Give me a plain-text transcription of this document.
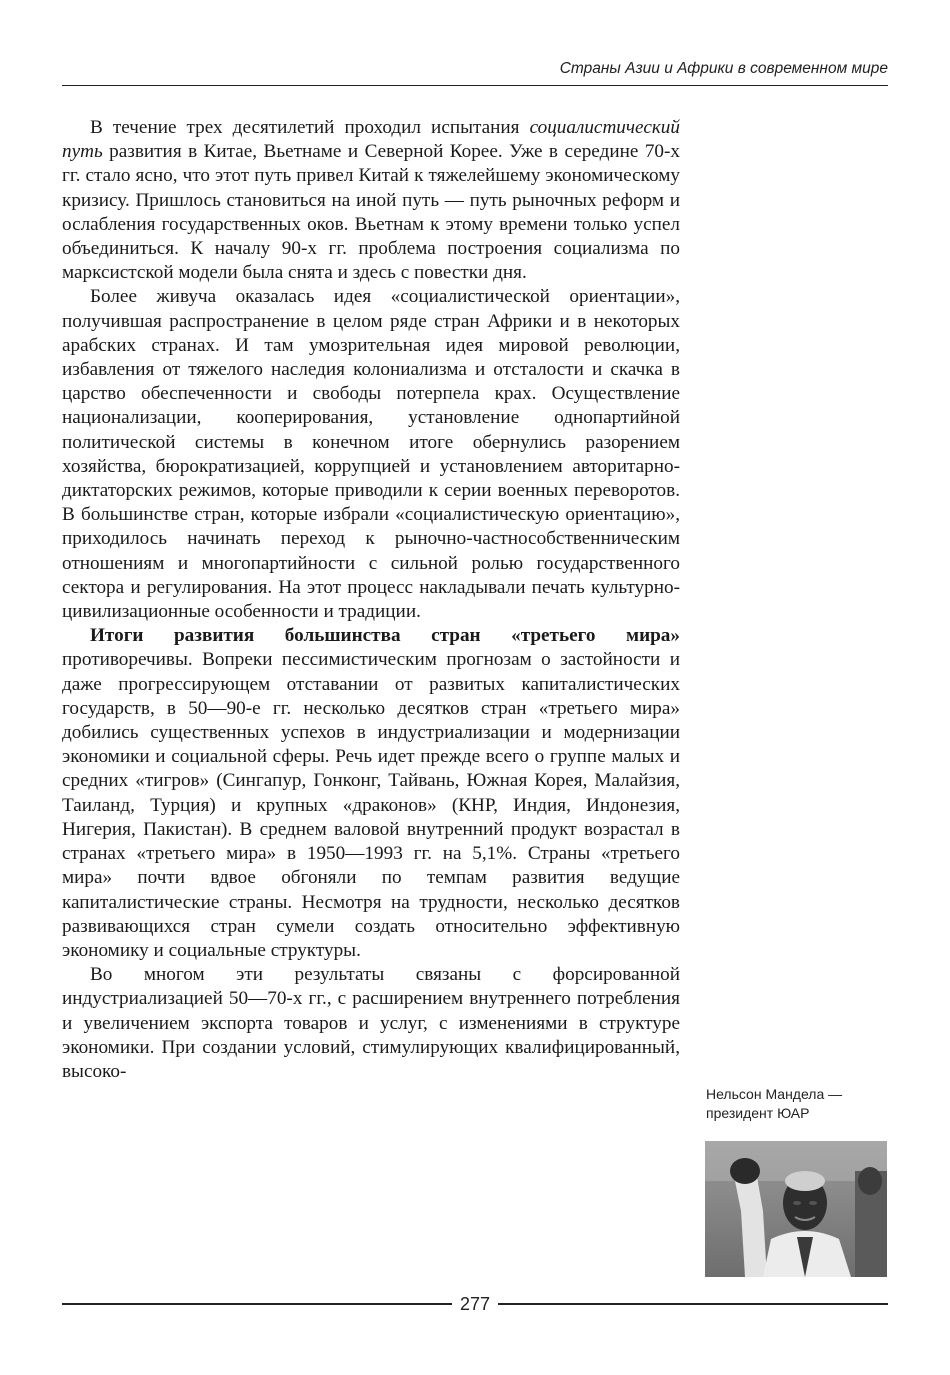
Страны Азии и Африки в современном мире

В течение трех десятилетий проходил испытания социалистический путь развития в Китае, Вьетнаме и Северной Корее. Уже в середине 70-х гг. стало ясно, что этот путь привел Китай к тяжелейшему экономическому кризису. Пришлось становиться на иной путь — путь рыночных реформ и ослабления государственных оков. Вьетнам к этому времени только успел объединиться. К началу 90-х гг. проблема построения социализма по марксистской модели была снята и здесь с повестки дня.

Более живуча оказалась идея «социалистической ориентации», получившая распространение в целом ряде стран Африки и в некоторых арабских странах. И там умозрительная идея мировой революции, избавления от тяжелого наследия колониализма и отсталости и скачка в царство обеспеченности и свободы потерпела крах. Осуществление национализации, кооперирования, установление однопартийной политической системы в конечном итоге обернулись разорением хозяйства, бюрократизацией, коррупцией и установлением авторитарно-диктаторских режимов, которые приводили к серии военных переворотов. В большинстве стран, которые избрали «социалистическую ориентацию», приходилось начинать переход к рыночно-частнособственническим отношениям и многопартийности с сильной ролью государственного сектора и регулирования. На этот процесс накладывали печать культурно-цивилизационные особенности и традиции.

Итоги развития большинства стран «третьего мира» противоречивы. Вопреки пессимистическим прогнозам о застойности и даже прогрессирующем отставании от развитых капиталистических государств, в 50—90-е гг. несколько десятков стран «третьего мира» добились существенных успехов в индустриализации и модернизации экономики и социальной сферы. Речь идет прежде всего о группе малых и средних «тигров» (Сингапур, Гонконг, Тайвань, Южная Корея, Малайзия, Таиланд, Турция) и крупных «драконов» (КНР, Индия, Индонезия, Нигерия, Пакистан). В среднем валовой внутренний продукт возрастал в странах «третьего мира» в 1950—1993 гг. на 5,1%. Страны «третьего мира» почти вдвое обгоняли по темпам развития ведущие капиталистические страны. Несмотря на трудности, несколько десятков развивающихся стран сумели создать относительно эффективную экономику и социальные структуры.

Во многом эти результаты связаны с форсированной индустриализацией 50—70-х гг., с расширением внутреннего потребления и увеличением экспорта товаров и услуг, с изменениями в структуре экономики. При создании условий, стимулирующих квалифицированный, высоко-

Нельсон Мандела — президент ЮАР
277
